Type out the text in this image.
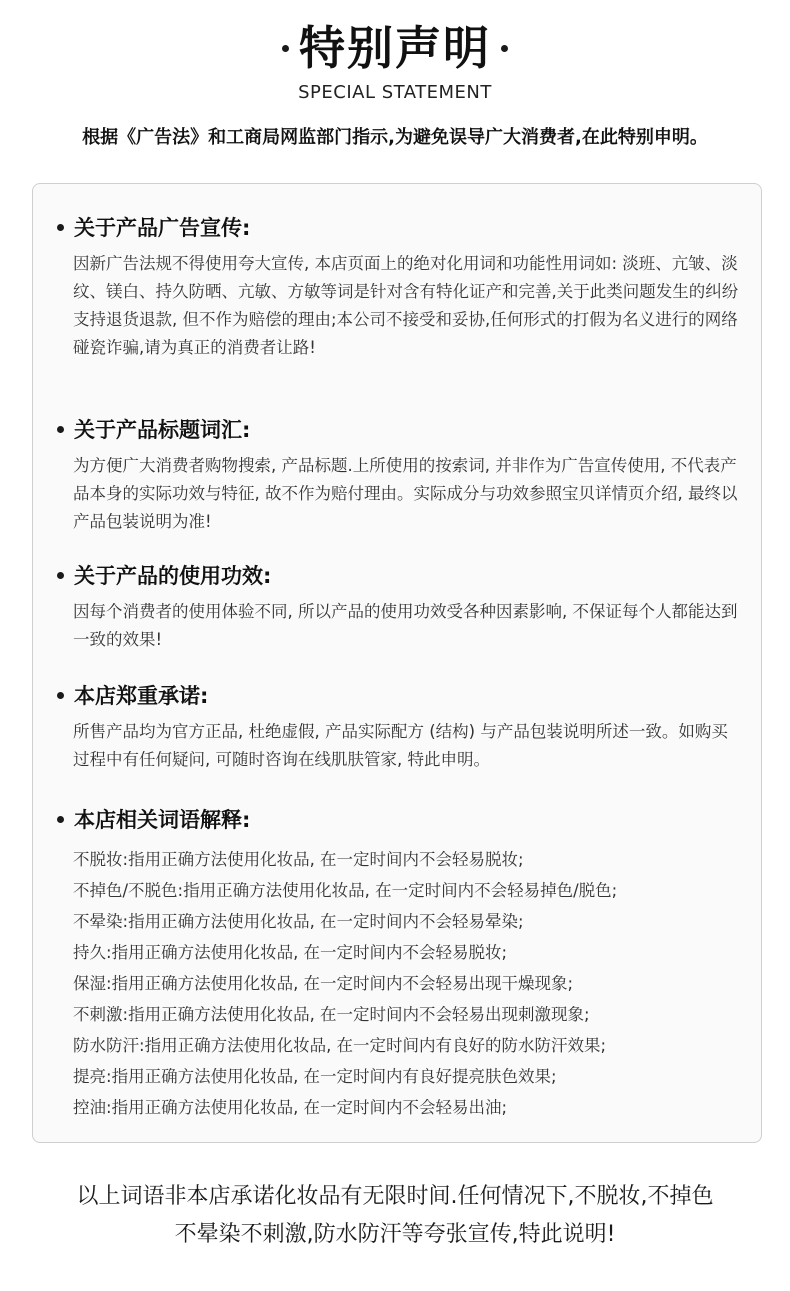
特别声明
SPECIAL STATEMENT
根据《广告法》和工商局网监部门指示,为避免误导广大消费者,在此特别申明。
关于产品广告宣传:
因新广告法规不得使用夸大宣传, 本店页面上的绝对化用词和功能性用词如: 淡班、亢皱、淡纹、镁白、持久防晒、亢敏、方敏等词是针对含有特化证产和完善,关于此类问题发生的纠纷支持退货退款, 但不作为赔偿的理由;本公司不接受和妥协,任何形式的打假为名义进行的网络碰瓷诈骗,请为真正的消费者让路!
关于产品标题词汇:
为方便广大消费者购物搜索, 产品标题.上所使用的按索词, 并非作为广告宣传使用, 不代表产品本身的实际功效与特征, 故不作为赔付理由。实际成分与功效参照宝贝详情页介绍, 最终以产品包装说明为准!
关于产品的使用功效:
因每个消费者的使用体验不同, 所以产品的使用功效受各种因素影响, 不保证每个人都能达到一致的效果!
本店郑重承诺:
所售产品均为官方正品, 杜绝虚假, 产品实际配方 (结构) 与产品包装说明所述一致。如购买过程中有任何疑问, 可随时咨询在线肌肤管家, 特此申明。
本店相关词语解释:
不脱妆: 指用正确方法使用化妆品, 在一定时间内不会轻易脱妆;
不掉色/不脱色: 指用正确方法使用化妆品, 在一定时间内不会轻易掉色/脱色;
不晕染: 指用正确方法使用化妆品, 在一定时间内不会轻易晕染;
持久: 指用正确方法使用化妆品, 在一定时间内不会轻易脱妆;
保湿: 指用正确方法使用化妆品, 在一定时间内不会轻易出现干燥现象;
不刺激: 指用正确方法使用化妆品, 在一定时间内不会轻易出现刺激现象;
防水防汗: 指用正确方法使用化妆品, 在一定时间内有良好的防水防汗效果;
提亮: 指用正确方法使用化妆品, 在一定时间内有良好提亮肤色效果;
控油: 指用正确方法使用化妆品, 在一定时间内不会轻易出油;
以上词语非本店承诺化妆品有无限时间.任何情况下,不脱妆,不掉色
不晕染不刺激,防水防汗等夸张宣传,特此说明!
